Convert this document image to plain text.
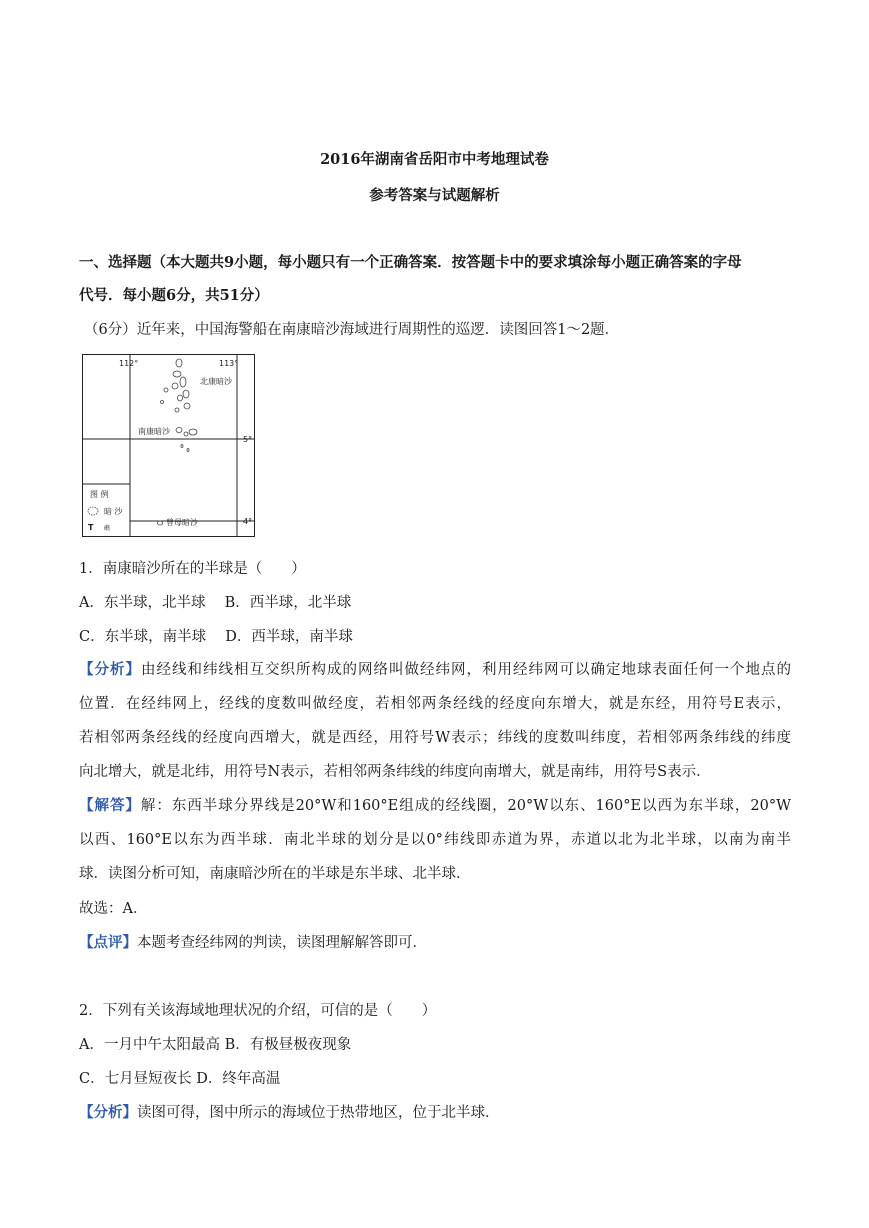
2016年湖南省岳阳市中考地理试卷
参考答案与试题解析
一、选择题（本大题共9小题，每小题只有一个正确答案．按答题卡中的要求填涂每小题正确答案的字母
代号．每小题6分，共51分）
（6分）近年来，中国海警船在南康暗沙海域进行周期性的巡逻．读图回答1～2题．
112°	113°
5°
4°
北康暗沙
南康暗沙
曾母暗沙
图 例
暗 沙
T 礁
1．南康暗沙所在的半球是（　　）
A．东半球，北半球　 B．西半球，北半球
C．东半球，南半球　 D．西半球，南半球
【分析】由经线和纬线相互交织所构成的网络叫做经纬网，利用经纬网可以确定地球表面任何一个地点的
位置．在经纬网上，经线的度数叫做经度，若相邻两条经线的经度向东增大，就是东经，用符号E表示，
若相邻两条经线的经度向西增大，就是西经，用符号W表示；纬线的度数叫纬度，若相邻两条纬线的纬度
向北增大，就是北纬，用符号N表示，若相邻两条纬线的纬度向南增大，就是南纬，用符号S表示．
【解答】解：东西半球分界线是20°W和160°E组成的经线圈，20°W以东、160°E以西为东半球，20°W
以西、160°E以东为西半球．南北半球的划分是以0°纬线即赤道为界，赤道以北为北半球，以南为南半
球．读图分析可知，南康暗沙所在的半球是东半球、北半球．
故选：A．
【点评】本题考查经纬网的判读，读图理解解答即可．
2．下列有关该海域地理状况的介绍，可信的是（　　）
A．一月中午太阳最高 B．有极昼极夜现象
C．七月昼短夜长 D．终年高温
【分析】读图可得，图中所示的海域位于热带地区，位于北半球．
